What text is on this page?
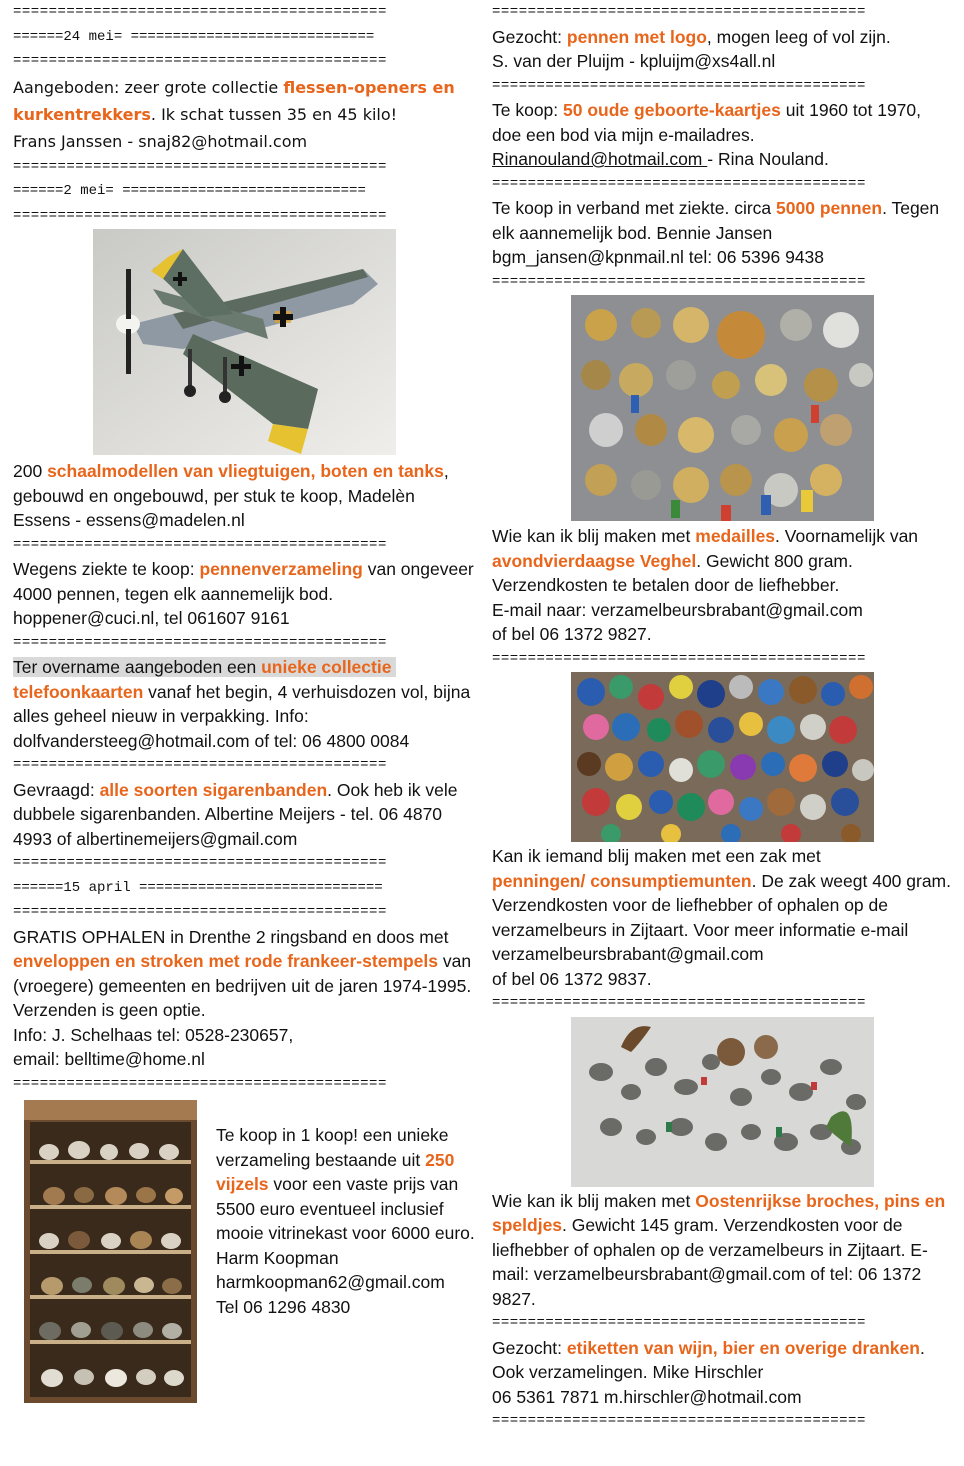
==========================================
======24 mei= =============================
==========================================
Aangeboden: zeer grote collectie flessen-openers en kurkentrekkers. Ik schat tussen 35 en 45 kilo!
Frans Janssen - snaj82@hotmail.com
==========================================
======2 mei= =============================
==========================================
200 schaalmodellen van vliegtuigen, boten en tanks, gebouwd en ongebouwd, per stuk te koop, Madelèn Essens - essens@madelen.nl
==========================================
Wegens ziekte te koop: pennenverzameling van ongeveer 4000 pennen, tegen elk aannemelijk bod. hoppener@cuci.nl, tel 061607 9161
==========================================
Ter overname aangeboden een unieke collectie
telefoonkaarten vanaf het begin, 4 verhuisdozen vol, bijna alles geheel nieuw in verpakking. Info: dolfvandersteeg@hotmail.com of tel: 06 4800 0084
==========================================
Gevraagd: alle soorten sigarenbanden. Ook heb ik vele dubbele sigarenbanden. Albertine Meijers - tel. 06 4870 4993 of albertinemeijers@gmail.com
==========================================
======15 april =============================
==========================================
GRATIS OPHALEN in Drenthe 2 ringsband en doos met enveloppen en stroken met rode frankeer-stempels van (vroegere) gemeenten en bedrijven uit de jaren 1974-1995. Verzenden is geen optie.
Info: J. Schelhaas tel: 0528-230657,
email: belltime@home.nl
==========================================
Te koop in 1 koop! een unieke verzameling bestaande uit 250 vijzels voor een vaste prijs van 5500 euro eventueel inclusief mooie vitrinekast voor 6000 euro.
Harm Koopman
harmkoopman62@gmail.com
Tel 06 1296 4830
==========================================
Gezocht: pennen met logo, mogen leeg of vol zijn.
S. van der Pluijm - kpluijm@xs4all.nl
==========================================
Te koop: 50 oude geboorte-kaartjes uit 1960 tot 1970, doe een bod via mijn e-mailadres.
Rinanouland@hotmail.com - Rina Nouland.
==========================================
Te koop in verband met ziekte. circa 5000 pennen. Tegen elk aannemelijk bod. Bennie Jansen bgm_jansen@kpnmail.nl tel: 06 5396 9438
==========================================
Wie kan ik blij maken met medailles. Voornamelijk van avondvierdaagse Veghel. Gewicht 800 gram. Verzendkosten te betalen door de liefhebber.
E-mail naar: verzamelbeursbrabant@gmail.com
of bel 06 1372 9827.
==========================================
Kan ik iemand blij maken met een zak met
penningen/ consumptiemunten. De zak weegt 400 gram. Verzendkosten voor de liefhebber of ophalen op de verzamelbeurs in Zijtaart. Voor meer informatie e-mail verzamelbeursbrabant@gmail.com
of bel 06 1372 9837.
==========================================
Wie kan ik blij maken met Oostenrijkse broches, pins en speldjes. Gewicht 145 gram. Verzendkosten voor de liefhebber of ophalen op de verzamelbeurs in Zijtaart. E-mail: verzamelbeursbrabant@gmail.com of tel: 06 1372 9827.
==========================================
Gezocht: etiketten van wijn, bier en overige dranken. Ook verzamelingen. Mike Hirschler
06 5361 7871 m.hirschler@hotmail.com
==========================================
